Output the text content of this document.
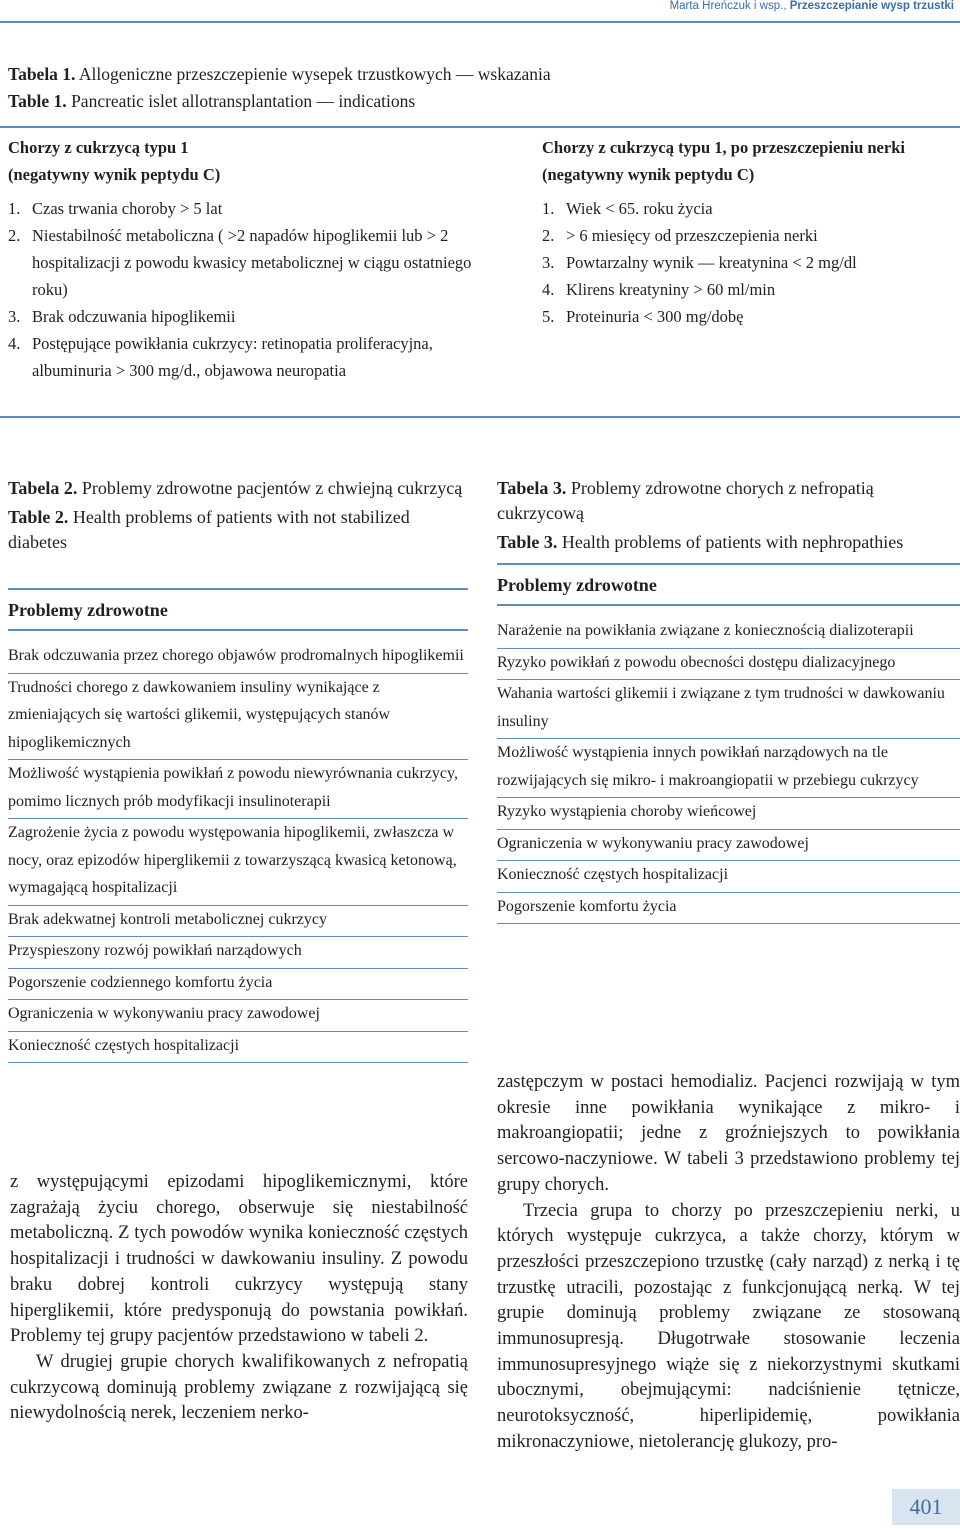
Marta Hreńczuk i wsp., Przeszczepianie wysp trzustki
Tabela 1. Allogeniczne przeszczepienie wysepek trzustkowych — wskazania
Table 1. Pancreatic islet allotransplantation — indications
Chorzy z cukrzycą typu 1
(negatywny wynik peptydu C)
1. Czas trwania choroby > 5 lat
2. Niestabilność metaboliczna ( >2 napadów hipoglikemii lub > 2 hospitalizacji z powodu kwasicy metabolicznej w ciągu ostatniego roku)
3. Brak odczuwania hipoglikemii
4. Postępujące powikłania cukrzycy: retinopatia proliferacyjna, albuminuria > 300 mg/d., objawowa neuropatia
Chorzy z cukrzycą typu 1, po przeszczepieniu nerki
(negatywny wynik peptydu C)
1. Wiek < 65. roku życia
2. > 6 miesięcy od przeszczepienia nerki
3. Powtarzalny wynik — kreatynina < 2 mg/dl
4. Klirens kreatyniny > 60 ml/min
5. Proteinuria < 300 mg/dobę
Tabela 2. Problemy zdrowotne pacjentów z chwiejną cukrzycą
Table 2. Health problems of patients with not stabilized diabetes
Problemy zdrowotne
Brak odczuwania przez chorego objawów prodromalnych hipoglikemii
Trudności chorego z dawkowaniem insuliny wynikające z zmieniających się wartości glikemii, występujących stanów hipoglikemicznych
Możliwość wystąpienia powikłań z powodu niewyrównania cukrzycy, pomimo licznych prób modyfikacji insulinoterapii
Zagrożenie życia z powodu występowania hipoglikemii, zwłaszcza w nocy, oraz epizodów hiperglikemii z towarzyszącą kwasicą ketonową, wymagającą hospitalizacji
Brak adekwatnej kontroli metabolicznej cukrzycy
Przyspieszony rozwój powikłań narządowych
Pogorszenie codziennego komfortu życia
Ograniczenia w wykonywaniu pracy zawodowej
Konieczność częstych hospitalizacji
Tabela 3. Problemy zdrowotne chorych z nefropatią cukrzycową
Table 3. Health problems of patients with nephropathies
Problemy zdrowotne
Narażenie na powikłania związane z koniecznością dializoterapii
Ryzyko powikłań z powodu obecności dostępu dializacyjnego
Wahania wartości glikemii i związane z tym trudności w dawkowaniu insuliny
Możliwość wystąpienia innych powikłań narządowych na tle rozwijających się mikro- i makroangiopatii w przebiegu cukrzycy
Ryzyko wystąpienia choroby wieńcowej
Ograniczenia w wykonywaniu pracy zawodowej
Konieczność częstych hospitalizacji
Pogorszenie komfortu życia

z występującymi epizodami hipoglikemicznymi, które zagrażają życiu chorego, obserwuje się niestabilność metaboliczną. Z tych powodów wynika konieczność częstych hospitalizacji i trudności w dawkowaniu insuliny. Z powodu braku dobrej kontroli cukrzycy występują stany hiperglikemii, które predysponują do powstania powikłań. Problemy tej grupy pacjentów przedstawiono w tabeli 2.

W drugiej grupie chorych kwalifikowanych z nefropatią cukrzycową dominują problemy związane z rozwijającą się niewydolnością nerek, leczeniem nerko-

zastępczym w postaci hemodializ. Pacjenci rozwijają w tym okresie inne powikłania wynikające z mikro- i makroangiopatii; jedne z groźniejszych to powikłania sercowo-naczyniowe. W tabeli 3 przedstawiono problemy tej grupy chorych.

Trzecia grupa to chorzy po przeszczepieniu nerki, u których występuje cukrzyca, a także chorzy, którym w przeszłości przeszczepiono trzustkę (cały narząd) z nerką i tę trzustkę utracili, pozostając z funkcjonującą nerką. W tej grupie dominują problemy związane ze stosowaną immunosupresją. Długotrwałe stosowanie leczenia immunosupresyjnego wiąże się z niekorzystnymi skutkami ubocznymi, obejmującymi: nadciśnienie tętnicze, neurotoksyczność, hiperlipidemię, powikłania mikronaczyniowe, nietolerancję glukozy, pro-

401
